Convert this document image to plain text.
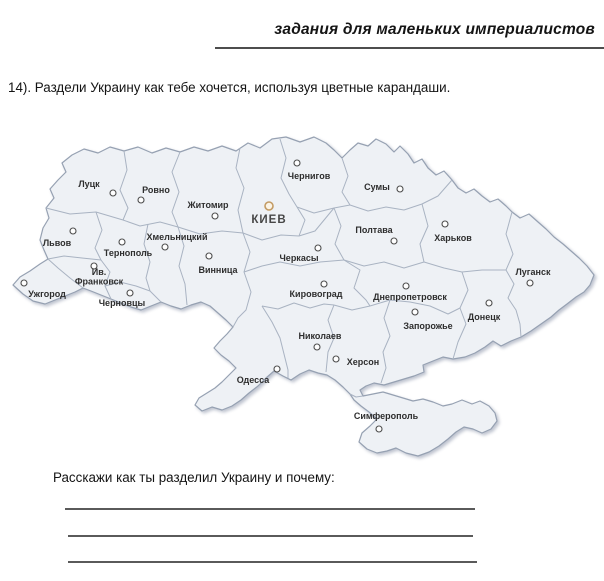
задания для маленьких империалистов
14). Раздели Украину как тебе хочется, используя цветные карандаши.
Луцк
Ровно
Житомир
Львов
Тернополь
Хмельницкий
Ив. Франковск
Ужгород
Черновцы
Винница
КИЕВ
Чернигов
Сумы
Полтава
Харьков
Луганск
Черкасы
Кировоград	Днепропетровск
Запорожье
Донецк
Николаев
Херсон
Одесса
Симферополь
Расскажи как ты разделил Украину и почему:
